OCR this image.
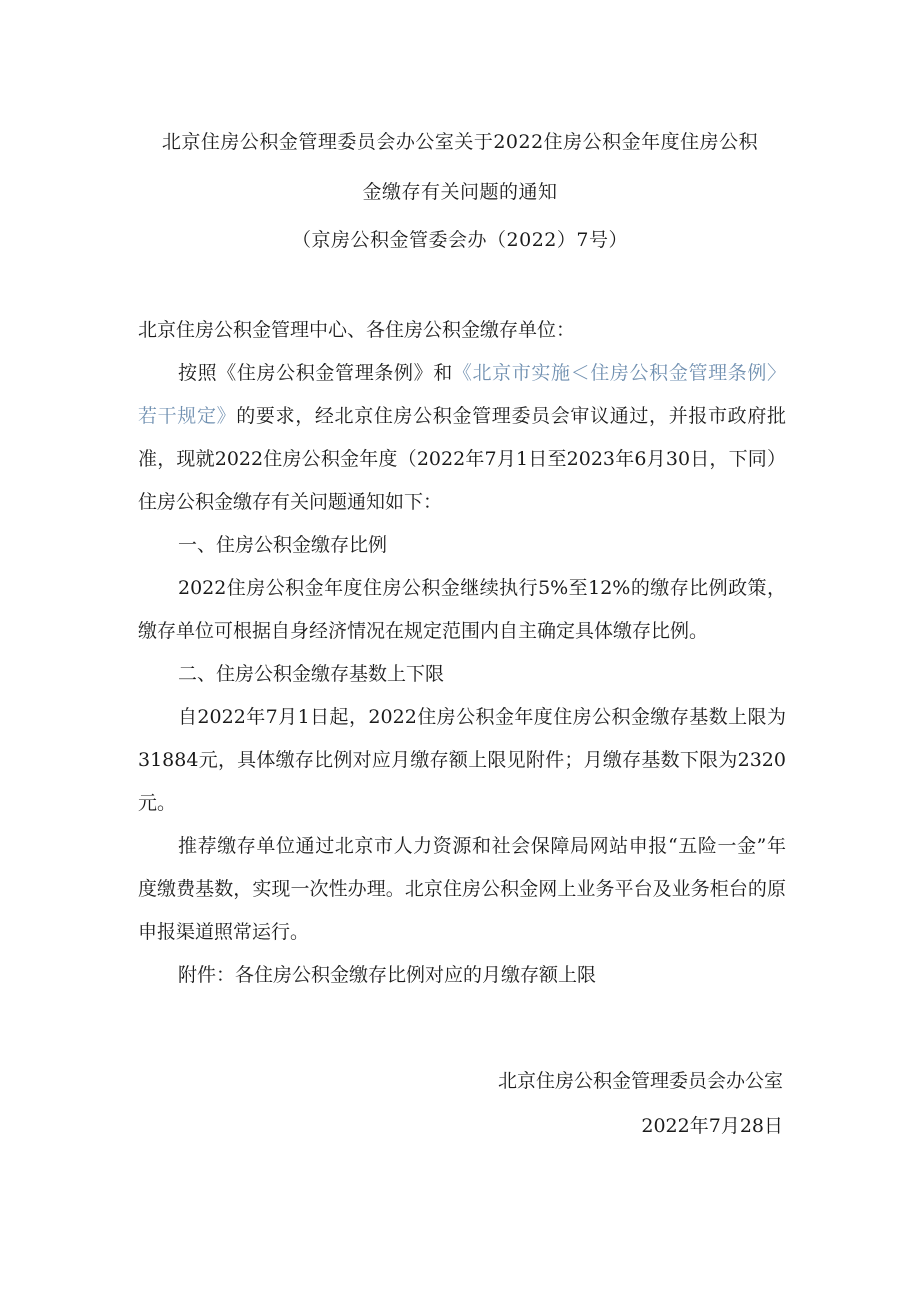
北京住房公积金管理委员会办公室关于2022住房公积金年度住房公积
金缴存有关问题的通知
（京房公积金管委会办（2022）7号）

北京住房公积金管理中心、各住房公积金缴存单位：

按照《住房公积金管理条例》和《北京市实施＜住房公积金管理条例〉若干规定》的要求，经北京住房公积金管理委员会审议通过，并报市政府批准，现就2022住房公积金年度（2022年7月1日至2023年6月30日，下同）住房公积金缴存有关问题通知如下：

一、住房公积金缴存比例

2022住房公积金年度住房公积金继续执行5%至12%的缴存比例政策，缴存单位可根据自身经济情况在规定范围内自主确定具体缴存比例。

二、住房公积金缴存基数上下限

自2022年7月1日起，2022住房公积金年度住房公积金缴存基数上限为31884元，具体缴存比例对应月缴存额上限见附件；月缴存基数下限为2320元。

推荐缴存单位通过北京市人力资源和社会保障局网站申报“五险一金”年度缴费基数，实现一次性办理。北京住房公积金网上业务平台及业务柜台的原申报渠道照常运行。

附件：各住房公积金缴存比例对应的月缴存额上限

北京住房公积金管理委员会办公室
2022年7月28日
